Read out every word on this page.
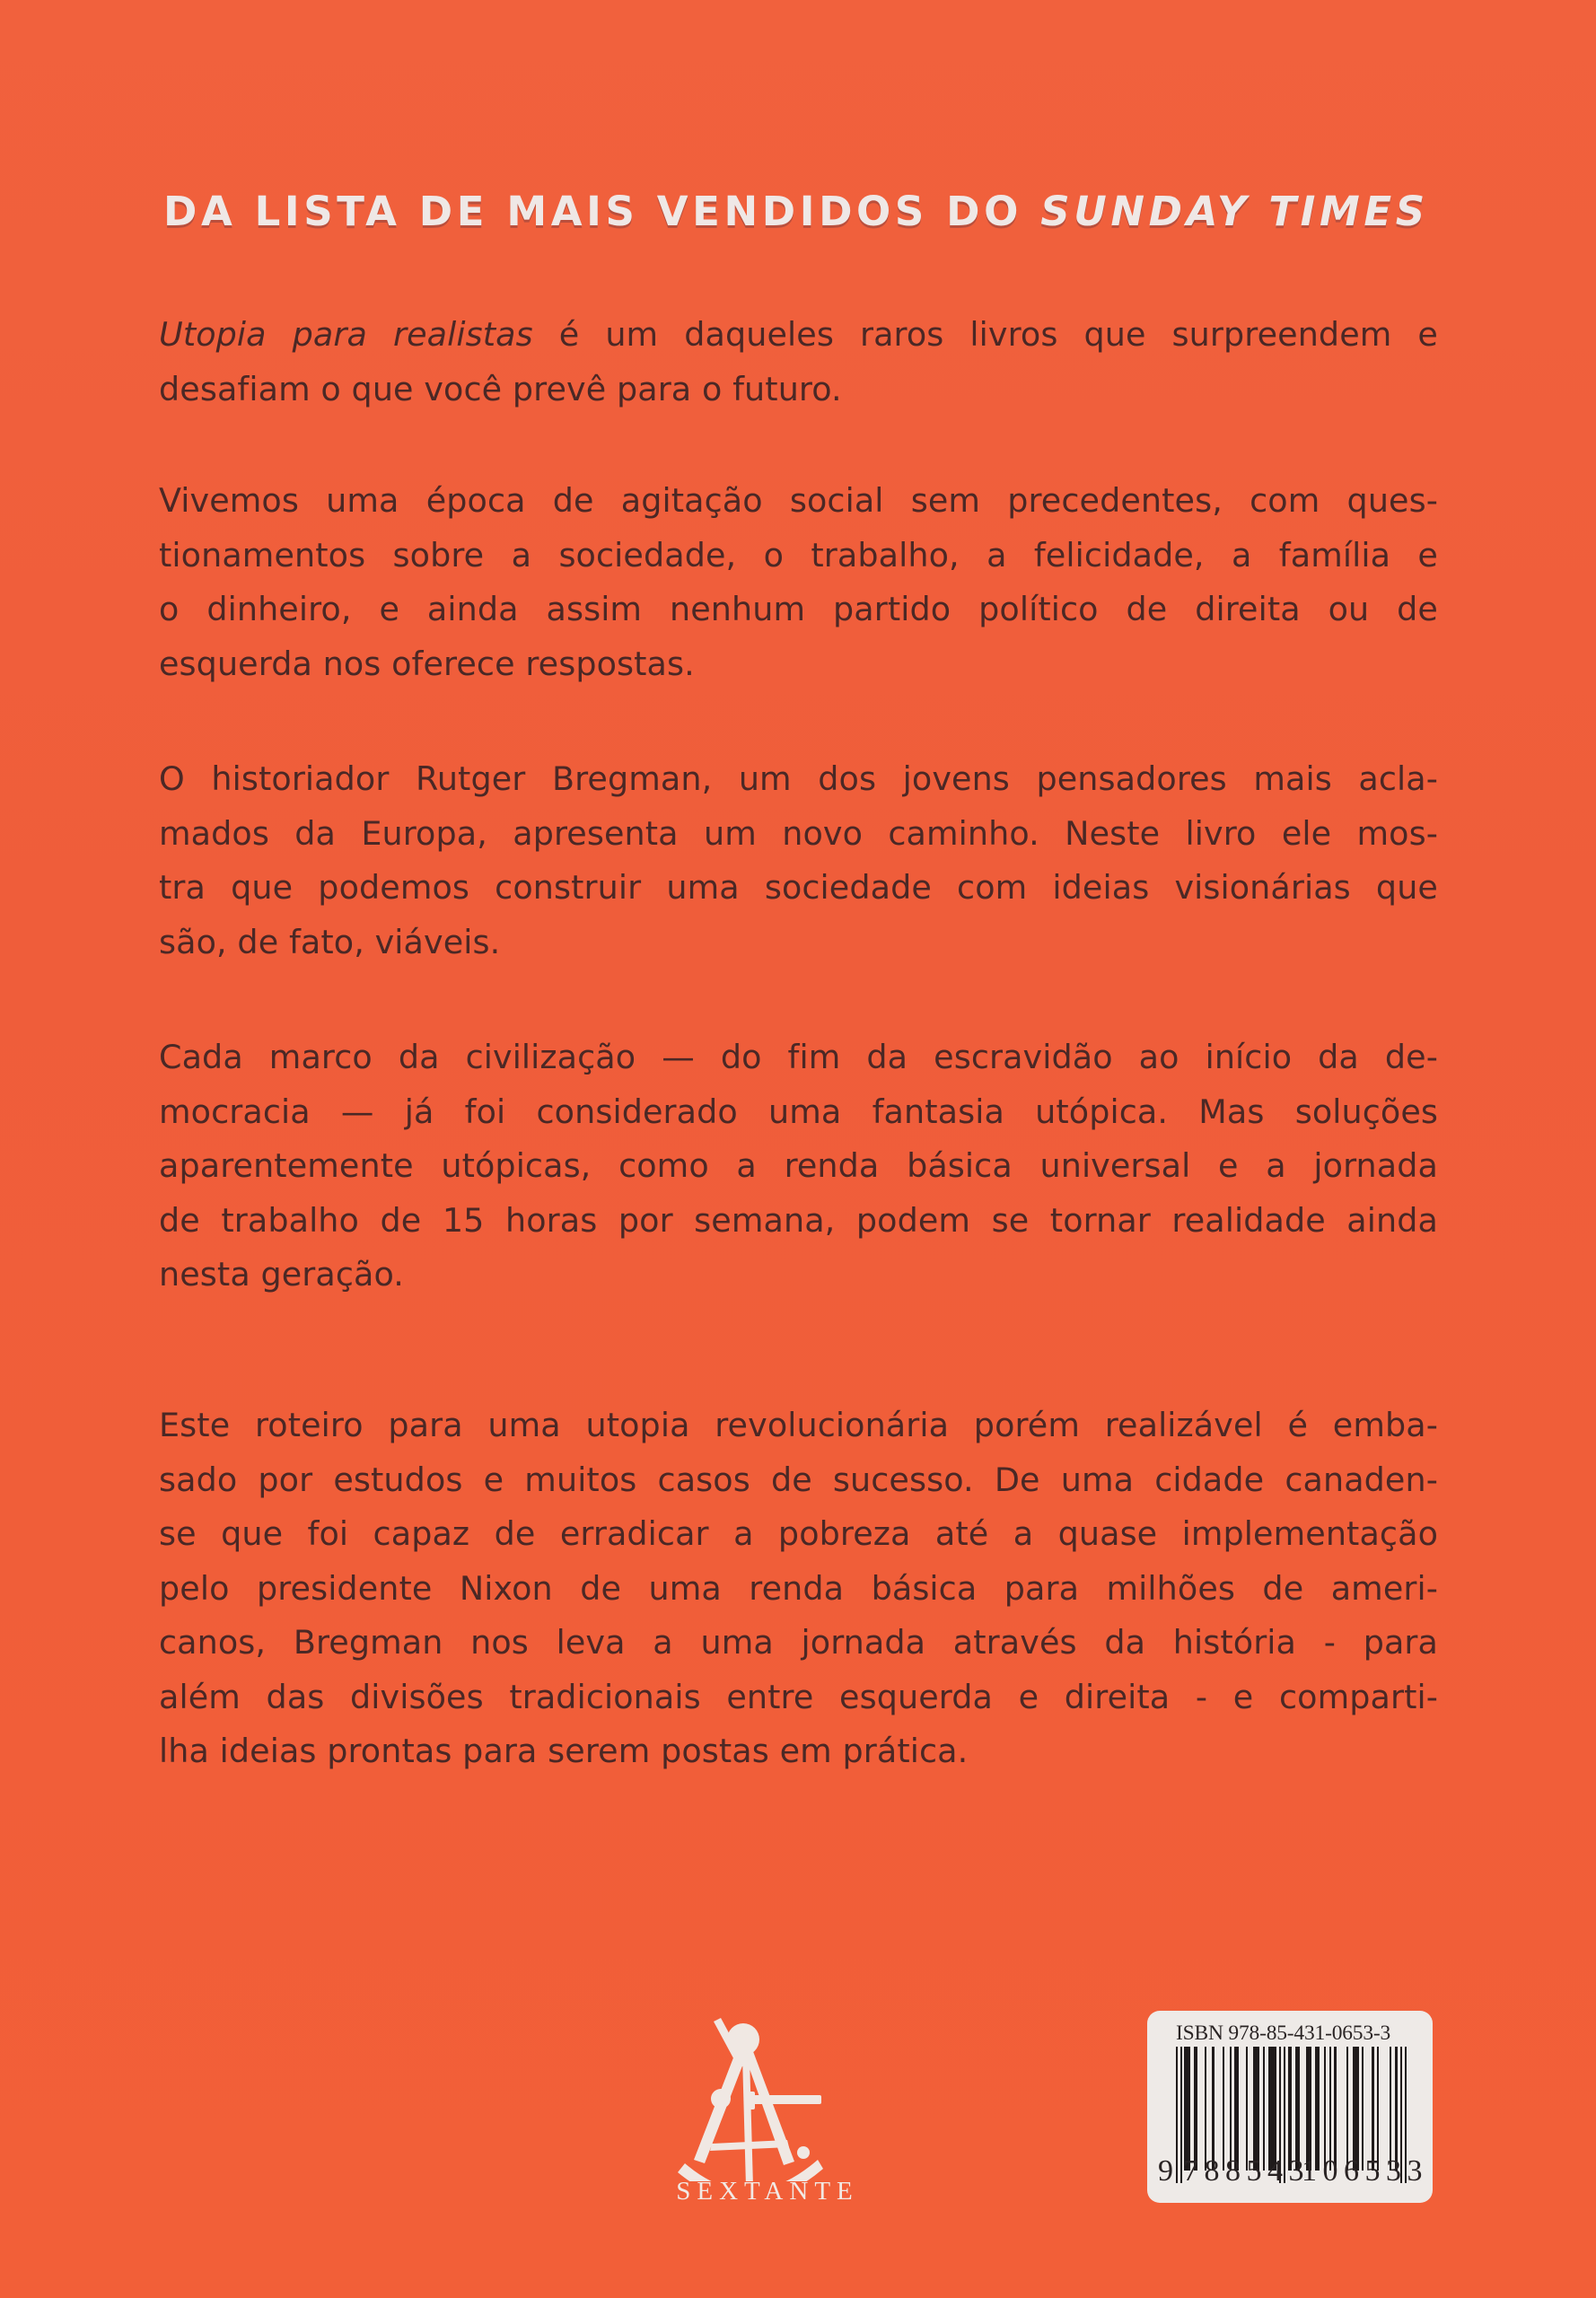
DA LISTA DE MAIS VENDIDOS DO SUNDAY TIMES
Utopia para realistas é um daqueles raros livros que surpreendem e
desafiam o que você prevê para o futuro.
Vivemos uma época de agitação social sem precedentes, com ques-
tionamentos sobre a sociedade, o trabalho, a felicidade, a família e
o dinheiro, e ainda assim nenhum partido político de direita ou de
esquerda nos oferece respostas.
O historiador Rutger Bregman, um dos jovens pensadores mais acla-
mados da Europa, apresenta um novo caminho. Neste livro ele mos-
tra que podemos construir uma sociedade com ideias visionárias que
são, de fato, viáveis.
Cada marco da civilização — do fim da escravidão ao início da de-
mocracia — já foi considerado uma fantasia utópica. Mas soluções
aparentemente utópicas, como a renda básica universal e a jornada
de trabalho de 15 horas por semana, podem se tornar realidade ainda
nesta geração.
Este roteiro para uma utopia revolucionária porém realizável é emba-
sado por estudos e muitos casos de sucesso. De uma cidade canaden-
se que foi capaz de erradicar a pobreza até a quase implementação
pelo presidente Nixon de uma renda básica para milhões de ameri-
canos, Bregman nos leva a uma jornada através da história - para
além das divisões tradicionais entre esquerda e direita - e comparti-
lha ideias prontas para serem postas em prática.
SEXTANTE
ISBN 978-85-431-0653-3
9 788543
106533
